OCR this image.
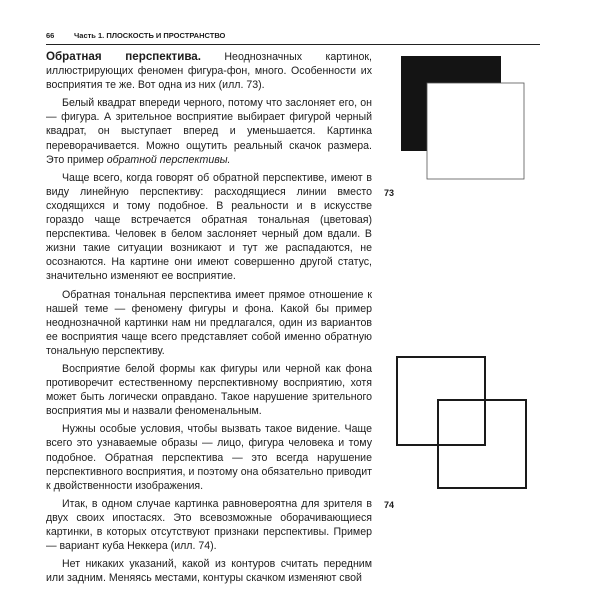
66	Часть 1. ПЛОСКОСТЬ И ПРОСТРАНСТВО

Обратная перспектива. Неоднозначных картинок, иллюстрирующих феномен фигура-фон, много. Особенности их восприятия те же. Вот одна из них (илл. 73).

Белый квадрат впереди черного, потому что заслоняет его, он — фигура. А зрительное восприятие выбирает фигурой черный квадрат, он выступает вперед и уменьшается. Картинка переворачивается. Можно ощутить реальный скачок размера. Это пример обратной перспективы.

Чаще всего, когда говорят об обратной перспективе, имеют в виду линейную перспективу: расходящиеся линии вместо сходящихся и тому подобное. В реальности и в искусстве гораздо чаще встречается обратная тональная (цветовая) перспектива. Человек в белом заслоняет черный дом вдали. В жизни такие ситуации возникают и тут же распадаются, не осознаются. На картине они имеют совершенно другой статус, значительно изменяют ее восприятие.

Обратная тональная перспектива имеет прямое отношение к нашей теме — феномену фигуры и фона. Какой бы пример неоднозначной картинки нам ни предлагался, один из вариантов ее восприятия чаще всего представляет собой именно обратную тональную перспективу.

Восприятие белой формы как фигуры или черной как фона противоречит естественному перспективному восприятию, хотя может быть логически оправдано. Такое нарушение зрительного восприятия мы и назвали феноменальным.

Нужны особые условия, чтобы вызвать такое видение. Чаще всего это узнаваемые образы — лицо, фигура человека и тому подобное. Обратная перспектива — это всегда нарушение перспективного восприятия, и поэтому она обязательно приводит к двойственности изображения.

Итак, в одном случае картинка равновероятна для зрителя в двух своих ипостасях. Это всевозможные оборачивающиеся картинки, в которых отсутствуют признаки перспективы. Пример — вариант куба Неккера (илл. 74).

Нет никаких указаний, какой из контуров считать передним или задним. Меняясь местами, контуры скачком изменяют свой

73
74
